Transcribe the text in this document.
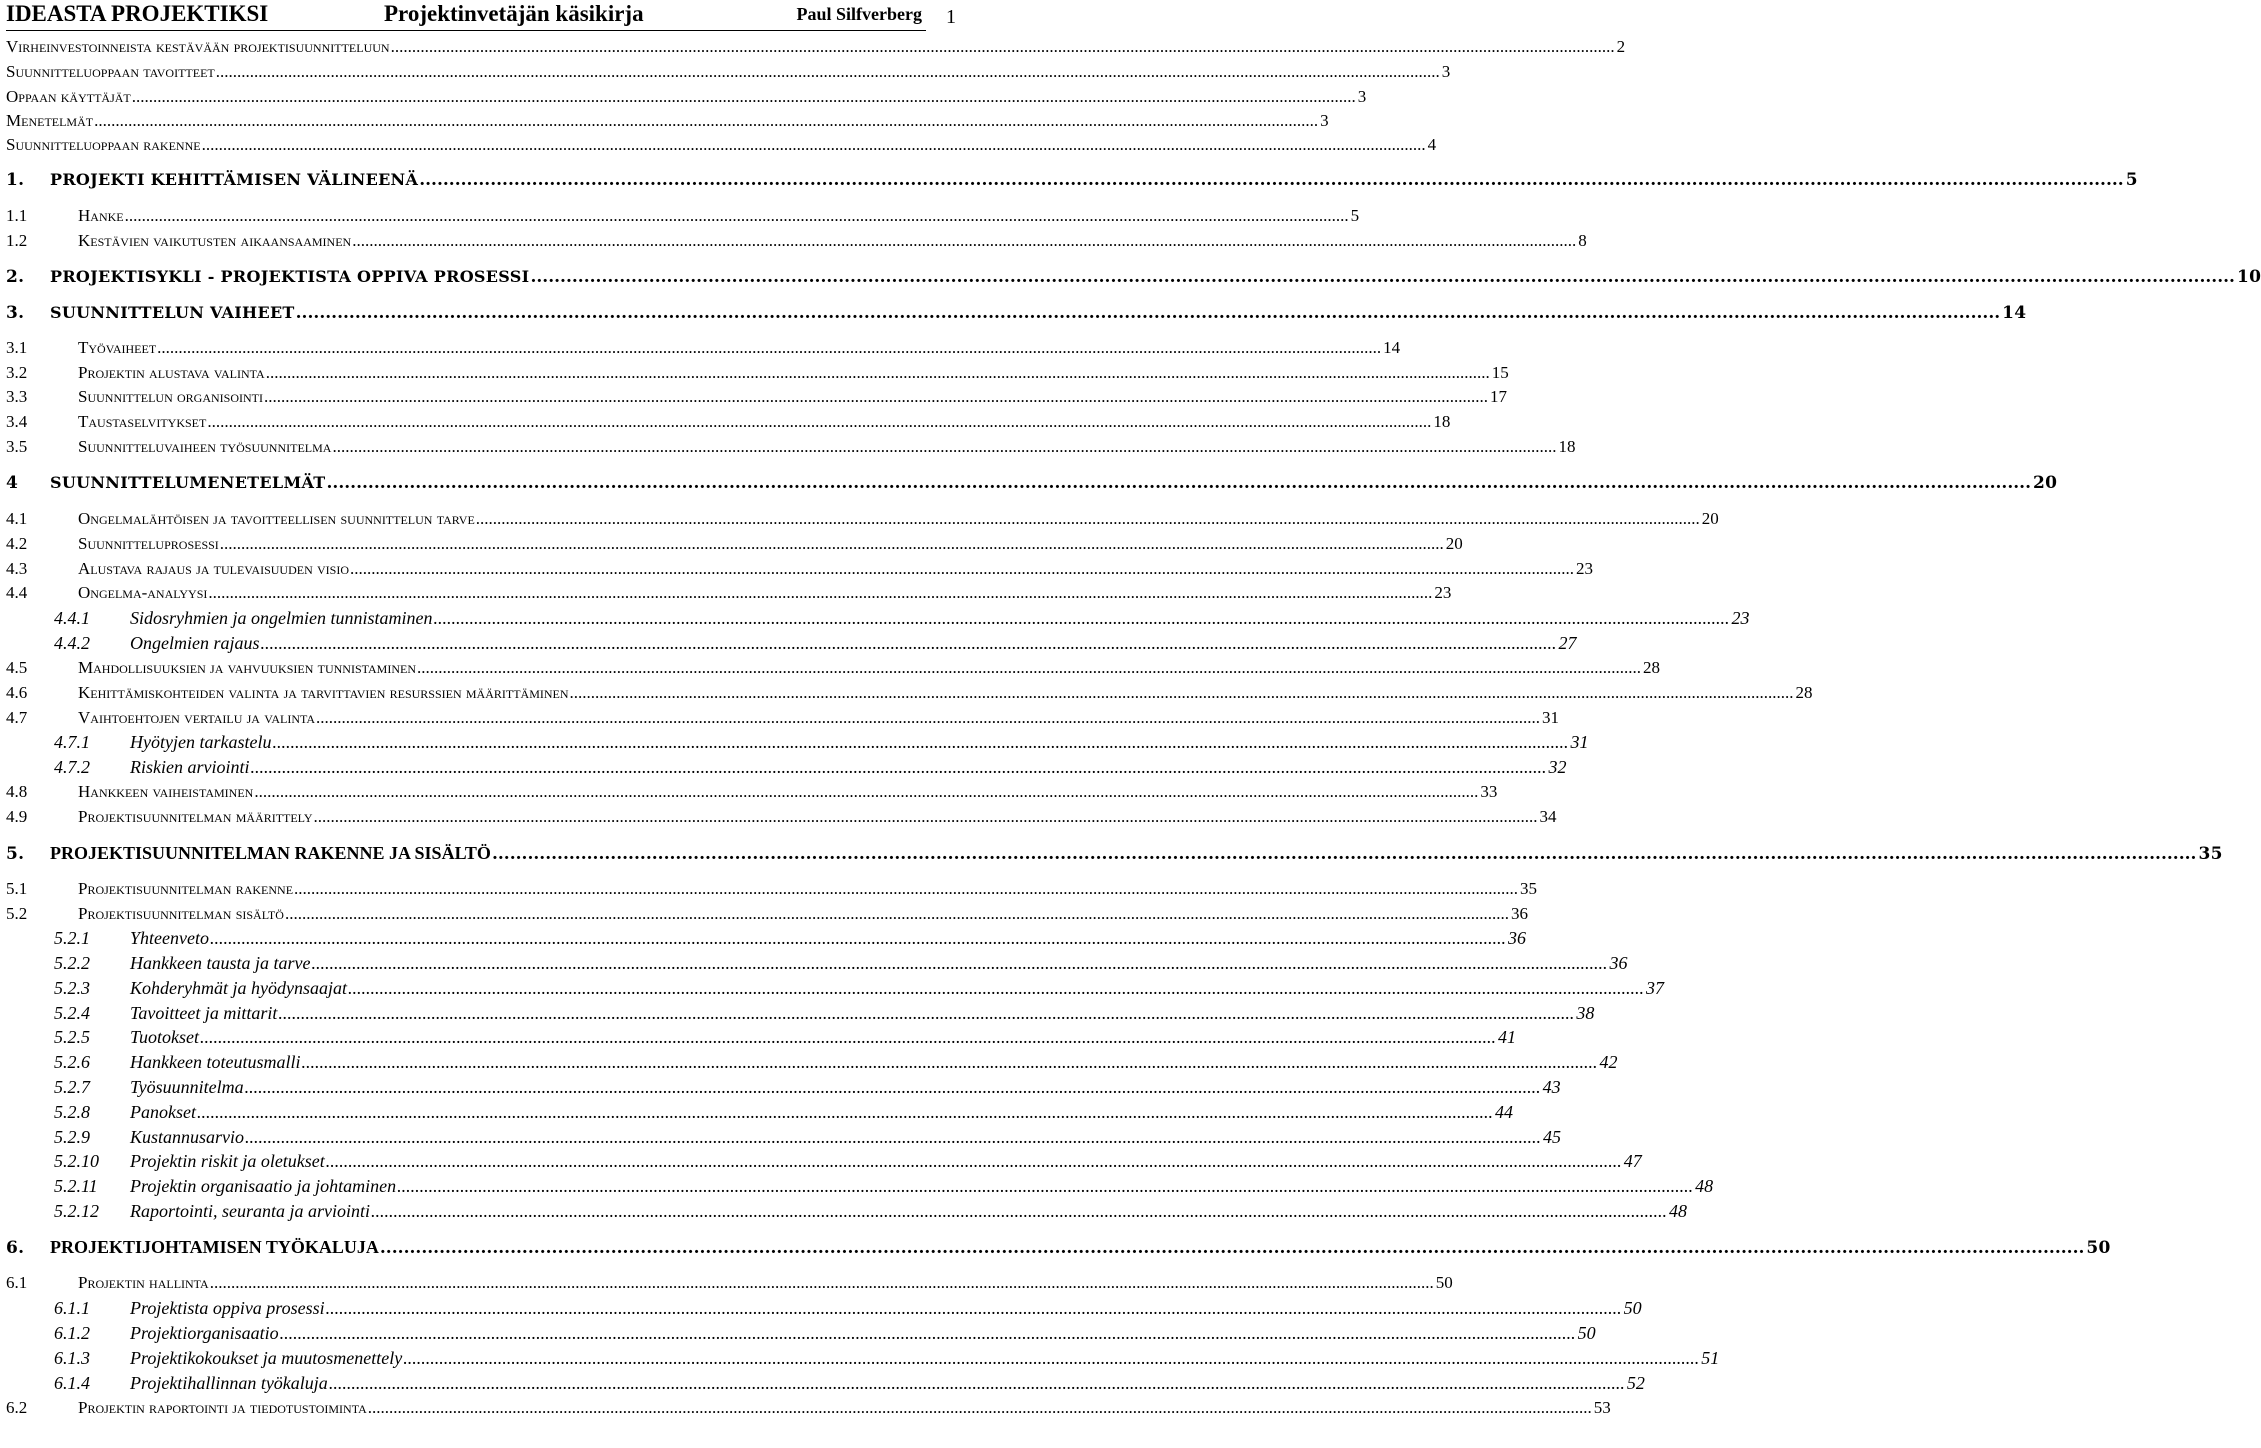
IDEASTA PROJEKTIKSI	Projektinvetäjän käsikirja	Paul Silfverberg 1
Virheinvestoinneista kestävään projektisuunnitteluun .....	2
Suunnitteluoppaan tavoitteet .....	3
Oppaan käyttäjät .....	3
Menetelmät .....	3
Suunnitteluoppaan rakenne .....	4
1.	PROJEKTI KEHITTÄMISEN VÄLINEENÄ .....	5
1.1	Hanke .....	5
1.2	Kestävien vaikutusten aikaansaaminen .....	8
2.	PROJEKTISYKLI - PROJEKTISTA OPPIVA PROSESSI .....	10
3.	SUUNNITTELUN VAIHEET .....	14
3.1	Työvaiheet .....	14
3.2	Projektin alustava valinta .....	15
3.3	Suunnittelun organisointi .....	17
3.4	Taustaselvitykset .....	18
3.5	Suunnitteluvaiheen työsuunnitelma .....	18
4	SUUNNITTELUMENETELMÄT .....	20
4.1	Ongelmalähtöisen ja tavoitteellisen suunnittelun tarve .....	20
4.2	Suunnitteluprosessi .....	20
4.3	Alustava rajaus ja tulevaisuuden visio .....	23
4.4	Ongelma-analyysi .....	23
4.4.1	Sidosryhmien ja ongelmien tunnistaminen .....	23
4.4.2	Ongelmien rajaus .....	27
4.5	Mahdollisuuksien ja vahvuuksien tunnistaminen .....	28
4.6	Kehittämiskohteiden valinta ja tarvittavien resurssien määrittäminen .....	28
4.7	Vaihtoehtojen vertailu ja valinta .....	31
4.7.1	Hyötyjen tarkastelu .....	31
4.7.2	Riskien arviointi .....	32
4.8	Hankkeen vaiheistaminen .....	33
4.9	Projektisuunnitelman määrittely .....	34
5.	PROJEKTISUUNNITELMAN RAKENNE JA SISÄLTÖ .....	35
5.1	Projektisuunnitelman rakenne .....	35
5.2	Projektisuunnitelman sisältö .....	36
5.2.1	Yhteenveto .....	36
5.2.2	Hankkeen tausta ja tarve .....	36
5.2.3	Kohderyhmät ja hyödynsaajat .....	37
5.2.4	Tavoitteet ja mittarit .....	38
5.2.5	Tuotokset .....	41
5.2.6	Hankkeen toteutusmalli .....	42
5.2.7	Työsuunnitelma .....	43
5.2.8	Panokset .....	44
5.2.9	Kustannusarvio .....	45
5.2.10	Projektin riskit ja oletukset .....	47
5.2.11	Projektin organisaatio ja johtaminen .....	48
5.2.12	Raportointi, seuranta ja arviointi .....	48
6.	PROJEKTIJOHTAMISEN TYÖKALUJA .....	50
6.1	Projektin hallinta .....	50
6.1.1	Projektista oppiva prosessi .....	50
6.1.2	Projektiorganisaatio .....	50
6.1.3	Projektikokoukset ja muutosmenettely .....	51
6.1.4	Projektihallinnan työkaluja .....	52
6.2	Projektin raportointi ja tiedotustoiminta .....	53
